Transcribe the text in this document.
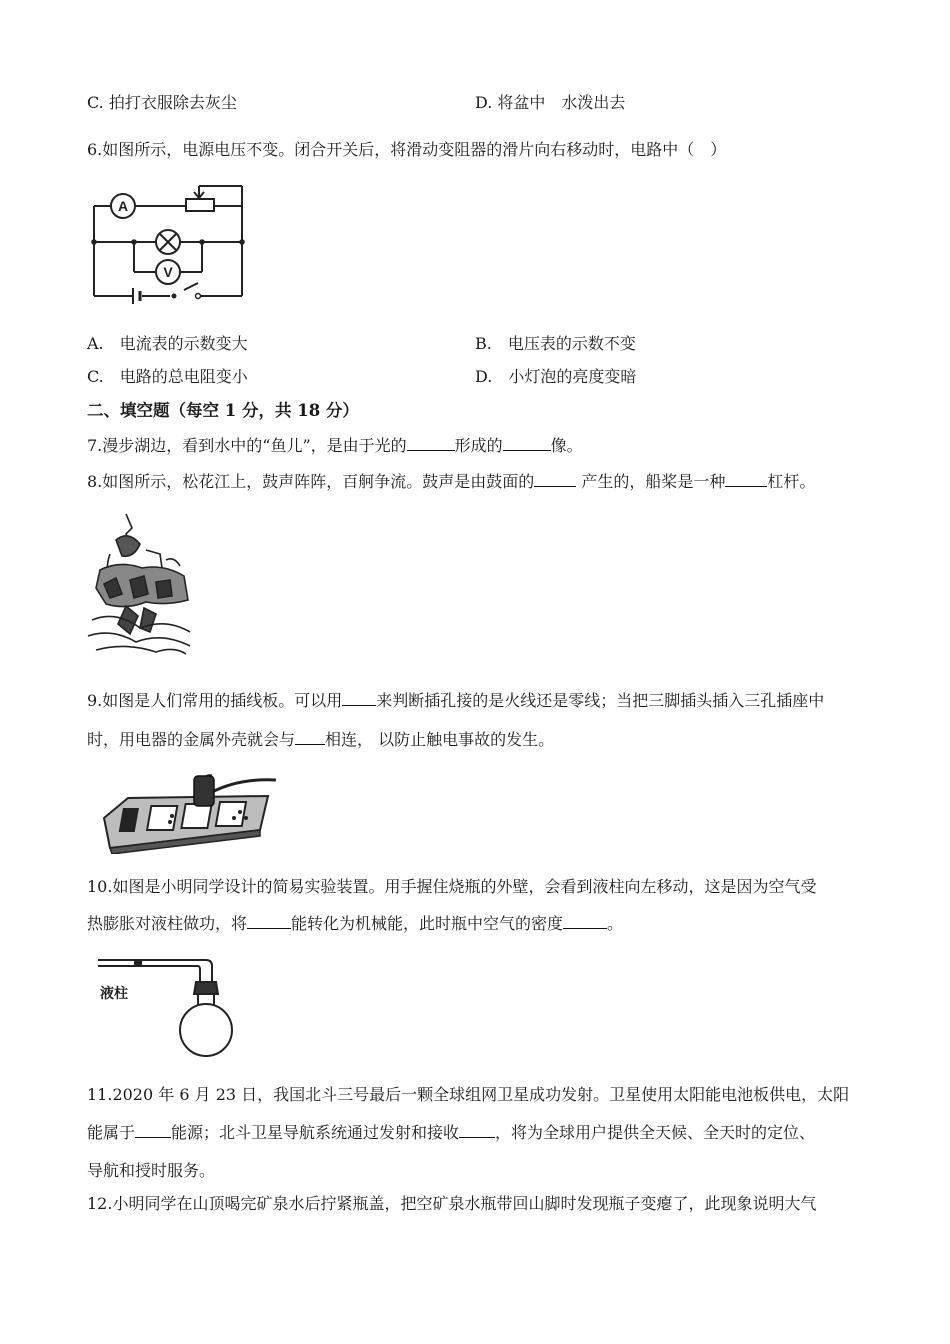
C. 拍打衣服除去灰尘	D. 将盆中　水泼出去
6.如图所示，电源电压不变。闭合开关后，将滑动变阻器的滑片向右移动时，电路中（　）
A
V
A.　电流表的示数变大	B.　电压表的示数不变
C.　电路的总电阻变小	D.　小灯泡的亮度变暗
二、填空题（每空 1 分，共 18 分）
7.漫步湖边，看到水中的“鱼儿”，是由于光的	形成的	像。
8.如图所示，松花江上，鼓声阵阵，百舸争流。鼓声是由鼓面的	产生的，船桨是一种	杠杆。
9.如图是人们常用的插线板。可以用 来判断插孔接的是火线还是零线；当把三脚插头插入三孔插座中
时，用电器的金属外壳就会与 相连， 以防止触电事故的发生。
10.如图是小明同学设计的简易实验装置。用手握住烧瓶的外壁，会看到液柱向左移动，这是因为空气受
热膨胀对液柱做功，将	能转化为机械能，此时瓶中空气的密度	。
液柱
11.2020 年 6 月 23 日，我国北斗三号最后一颗全球组网卫星成功发射。卫星使用太阳能电池板供电，太阳
能属于 能源；北斗卫星导航系统通过发射和接收 ，将为全球用户提供全天候、全天时的定位、
导航和授时服务。
12.小明同学在山顶喝完矿泉水后拧紧瓶盖，把空矿泉水瓶带回山脚时发现瓶子变瘪了，此现象说明大气
